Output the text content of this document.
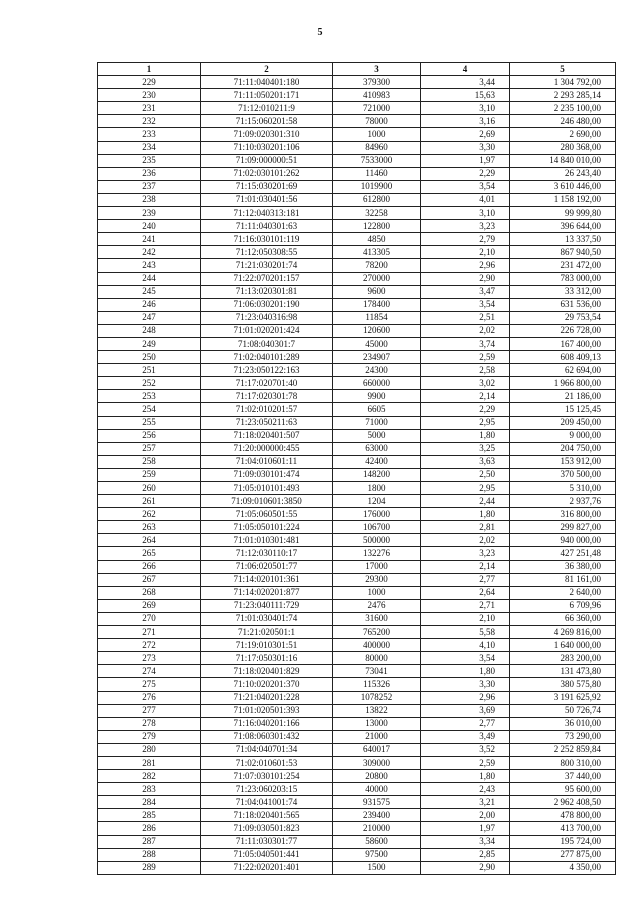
5
1	2	3	4	5
229	71:11:040401:180	379300	3,44	1 304 792,00
230	71:11:050201:171	410983	15,63	2 293 285,14
231	71:12:010211:9	721000	3,10	2 235 100,00
232	71:15:060201:58	78000	3,16	246 480,00
233	71:09:020301:310	1000	2,69	2 690,00
234	71:10:030201:106	84960	3,30	280 368,00
235	71:09:000000:51	7533000	1,97	14 840 010,00
236	71:02:030101:262	11460	2,29	26 243,40
237	71:15:030201:69	1019900	3,54	3 610 446,00
238	71:01:030401:56	612800	4,01	1 158 192,00
239	71:12:040313:181	32258	3,10	99 999,80
240	71:11:040301:63	122800	3,23	396 644,00
241	71:16:030101:119	4850	2,79	13 337,50
242	71:12:050308:55	413305	2,10	867 940,50
243	71:21:030201:74	78200	2,96	231 472,00
244	71:22:070201:157	270000	2,90	783 000,00
245	71:13:020301:81	9600	3,47	33 312,00
246	71:06:030201:190	178400	3,54	631 536,00
247	71:23:040316:98	11854	2,51	29 753,54
248	71:01:020201:424	120600	2,02	226 728,00
249	71:08:040301:7	45000	3,74	167 400,00
250	71:02:040101:289	234907	2,59	608 409,13
251	71:23:050122:163	24300	2,58	62 694,00
252	71:17:020701:40	660000	3,02	1 966 800,00
253	71:17:020301:78	9900	2,14	21 186,00
254	71:02:010201:57	6605	2,29	15 125,45
255	71:23:050211:63	71000	2,95	209 450,00
256	71:18:020401:507	5000	1,80	9 000,00
257	71:20:000000:455	63000	3,25	204 750,00
258	71:04:010601:11	42400	3,63	153 912,00
259	71:09:030101:474	148200	2,50	370 500,00
260	71:05:010101:493	1800	2,95	5 310,00
261	71:09:010601:3850	1204	2,44	2 937,76
262	71:05:060501:55	176000	1,80	316 800,00
263	71:05:050101:224	106700	2,81	299 827,00
264	71:01:010301:481	500000	2,02	940 000,00
265	71:12:030110:17	132276	3,23	427 251,48
266	71:06:020501:77	17000	2,14	36 380,00
267	71:14:020101:361	29300	2,77	81 161,00
268	71:14:020201:877	1000	2,64	2 640,00
269	71:23:040111:729	2476	2,71	6 709,96
270	71:01:030401:74	31600	2,10	66 360,00
271	71:21:020501:1	765200	5,58	4 269 816,00
272	71:19:010301:51	400000	4,10	1 640 000,00
273	71:17:050301:16	80000	3,54	283 200,00
274	71:18:020401:829	73041	1,80	131 473,80
275	71:10:020201:370	115326	3,30	380 575,80
276	71:21:040201:228	1078252	2,96	3 191 625,92
277	71:01:020501:393	13822	3,69	50 726,74
278	71:16:040201:166	13000	2,77	36 010,00
279	71:08:060301:432	21000	3,49	73 290,00
280	71:04:040701:34	640017	3,52	2 252 859,84
281	71:02:010601:53	309000	2,59	800 310,00
282	71:07:030101:254	20800	1,80	37 440,00
283	71:23:060203:15	40000	2,43	95 600,00
284	71:04:041001:74	931575	3,21	2 962 408,50
285	71:18:020401:565	239400	2,00	478 800,00
286	71:09:030501:823	210000	1,97	413 700,00
287	71:11:030301:77	58600	3,34	195 724,00
288	71:05:040501:441	97500	2,85	277 875,00
289	71:22:020201:401	1500	2,90	4 350,00
